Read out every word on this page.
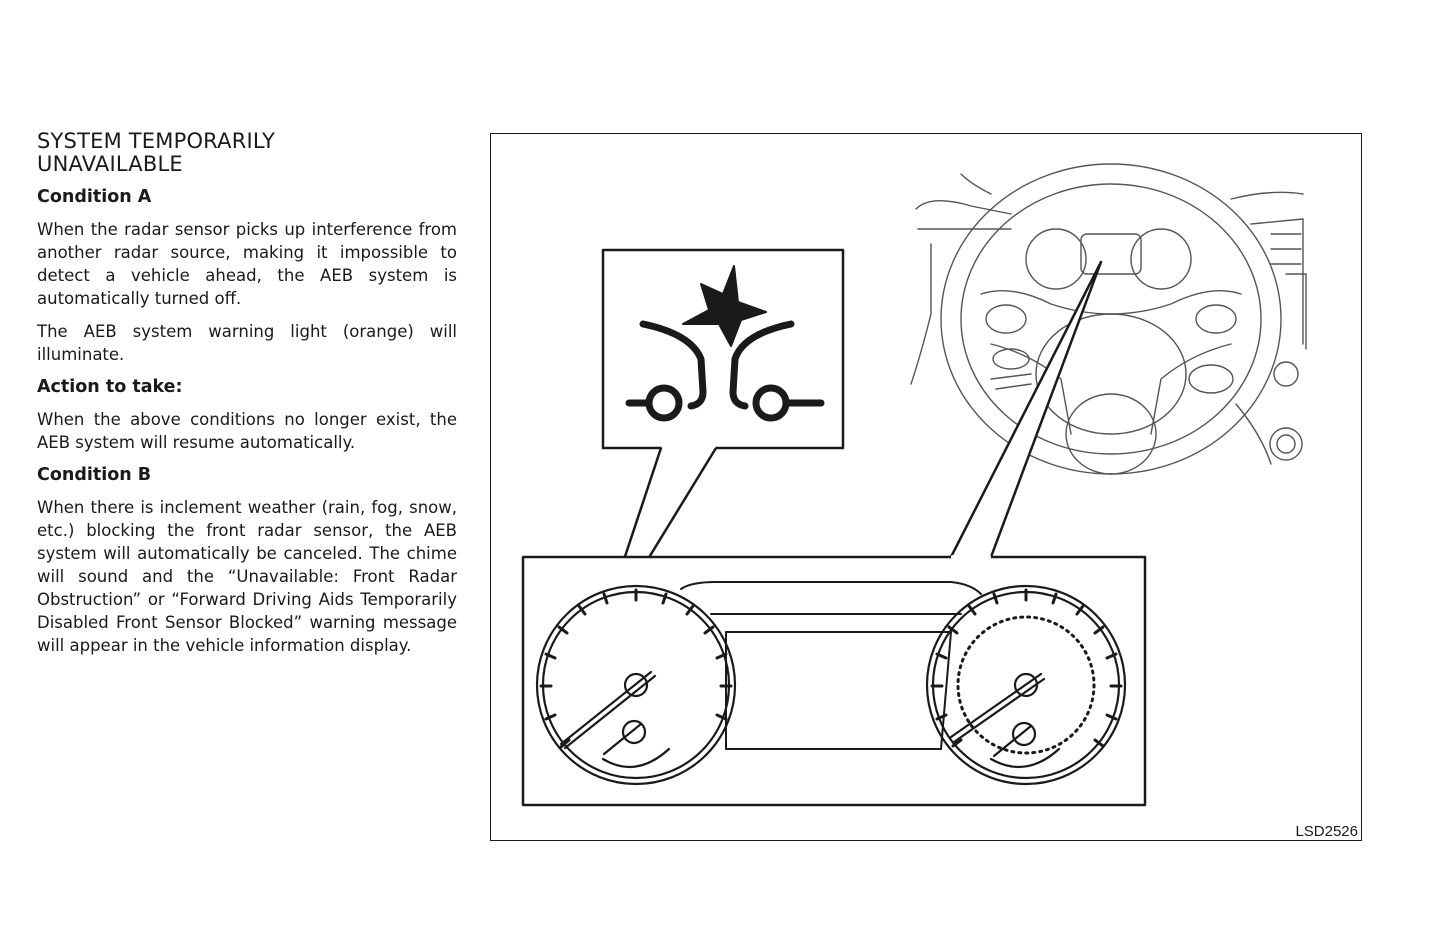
SYSTEM TEMPORARILY
UNAVAILABLE
Condition A

When the radar sensor picks up interference from another radar source, making it impossible to detect a vehicle ahead, the AEB system is automatically turned off.

The AEB system warning light (orange) will illuminate.

Action to take:

When the above conditions no longer exist, the AEB system will resume automatically.

Condition B

When there is inclement weather (rain, fog, snow, etc.) blocking the front radar sensor, the AEB system will automatically be canceled. The chime will sound and the “Unavailable: Front Radar Obstruction” or “Forward Driving Aids Temporarily Disabled Front Sensor Blocked” warning message will appear in the vehicle information display.

LSD2526
